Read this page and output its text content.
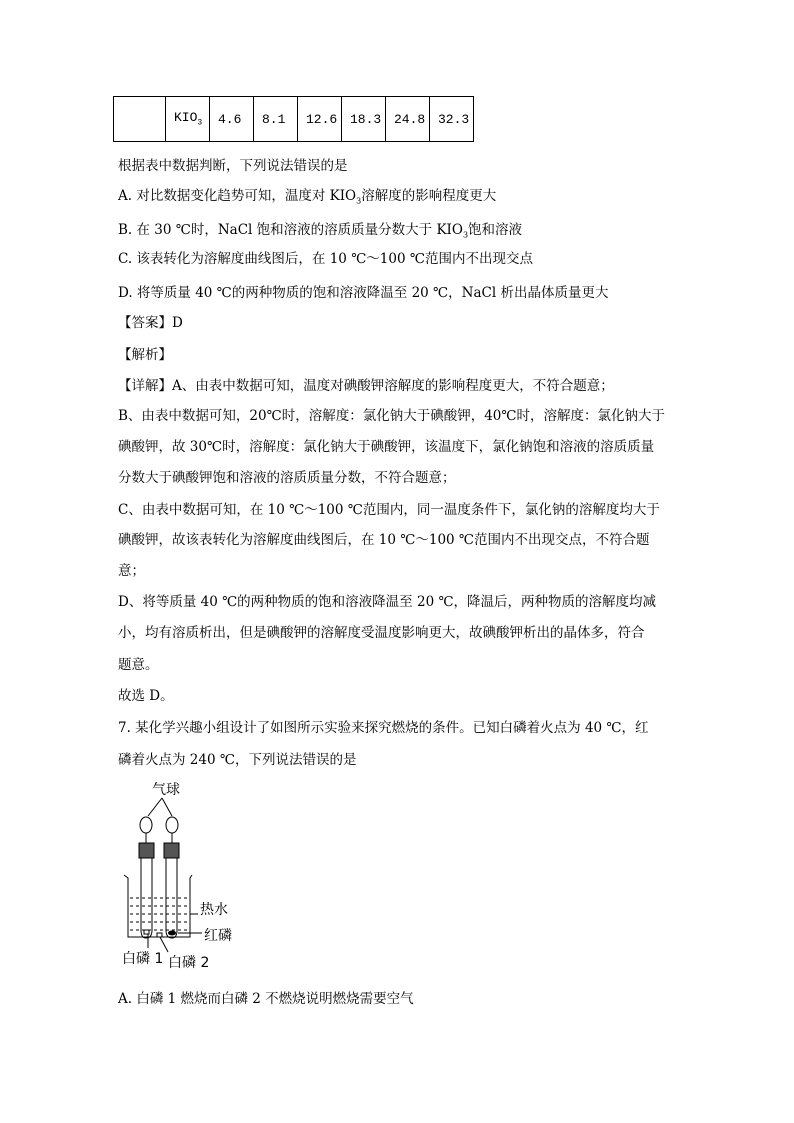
	$KIO_3$	4.6	8.1	12.6	18.3	24.8	32.3
根据表中数据判断，下列说法错误的是
A. 对比数据变化趋势可知，温度对 $KIO_3$溶解度的影响程度更大
B. 在 30 ℃时，NaCl 饱和溶液的溶质质量分数大于 $KIO_3$饱和溶液
C. 该表转化为溶解度曲线图后，在 10 ℃～100 ℃范围内不出现交点
D. 将等质量 40 ℃的两种物质的饱和溶液降温至 20 ℃，NaCl 析出晶体质量更大
【答案】D
【解析】
【详解】A、由表中数据可知，温度对碘酸钾溶解度的影响程度更大，不符合题意；
B、由表中数据可知，20℃时，溶解度：氯化钠大于碘酸钾，40℃时，溶解度：氯化钠大于
碘酸钾，故 30℃时，溶解度：氯化钠大于碘酸钾，该温度下，氯化钠饱和溶液的溶质质量
分数大于碘酸钾饱和溶液的溶质质量分数，不符合题意；
C、由表中数据可知，在 10 ℃～100 ℃范围内，同一温度条件下，氯化钠的溶解度均大于
碘酸钾，故该表转化为溶解度曲线图后，在 10 ℃～100 ℃范围内不出现交点，不符合题
意；
D、将等质量 40 ℃的两种物质的饱和溶液降温至 20 ℃，降温后，两种物质的溶解度均减
小，均有溶质析出，但是碘酸钾的溶解度受温度影响更大，故碘酸钾析出的晶体多，符合
题意。
故选 D。
7. 某化学兴趣小组设计了如图所示实验来探究燃烧的条件。已知白磷着火点为 40 ℃，红
磷着火点为 240 ℃，下列说法错误的是
气球
热水
红磷
白磷 1 白磷 2
A. 白磷 1 燃烧而白磷 2 不燃烧说明燃烧需要空气
